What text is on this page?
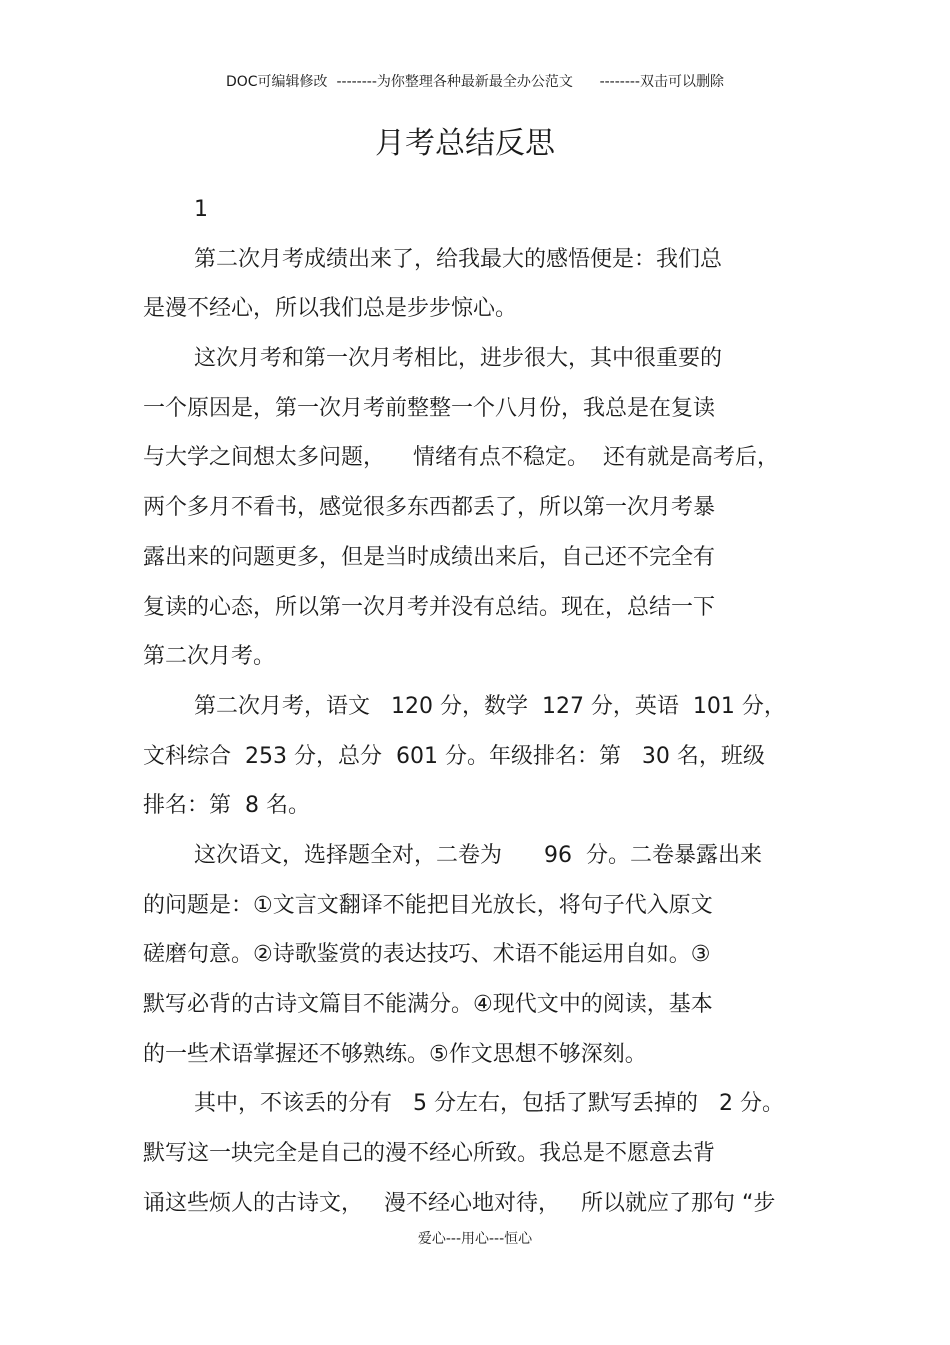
DOC可编辑修改  --------为你整理各种最新最全办公范文      --------双击可以删除
月考总结反思
1
第二次月考成绩出来了，给我最大的感悟便是：我们总
是漫不经心，所以我们总是步步惊心。
这次月考和第一次月考相比，进步很大，其中很重要的
一个原因是，第一次月考前整整一个八月份，我总是在复读
与大学之间想太多问题，    情绪有点不稳定。  还有就是高考后，
两个多月不看书，感觉很多东西都丢了，所以第一次月考暴
露出来的问题更多，但是当时成绩出来后，自己还不完全有
复读的心态，所以第一次月考并没有总结。现在，总结一下
第二次月考。
第二次月考，语文   120 分，数学  127 分，英语  101 分，
文科综合  253 分，总分  601 分。年级排名：第   30 名，班级
排名：第  8 名。
这次语文，选择题全对，二卷为      96  分。二卷暴露出来
的问题是：①文言文翻译不能把目光放长，将句子代入原文
磋磨句意。②诗歌鉴赏的表达技巧、术语不能运用自如。③
默写必背的古诗文篇目不能满分。④现代文中的阅读，基本
的一些术语掌握还不够熟练。⑤作文思想不够深刻。
其中，不该丢的分有   5 分左右，包括了默写丢掉的   2 分。
默写这一块完全是自己的漫不经心所致。我总是不愿意去背
诵这些烦人的古诗文，   漫不经心地对待，   所以就应了那句 “步
爱心---用心---恒心
